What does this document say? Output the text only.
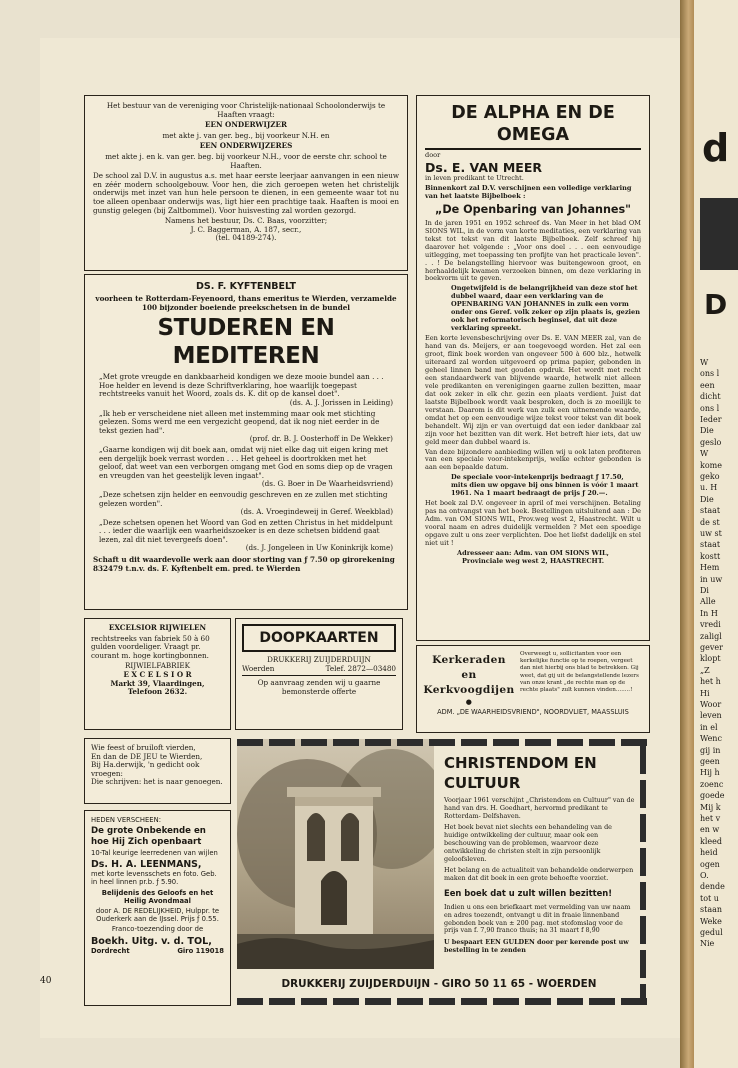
Het bestuur van de vereniging voor Christelijk-nationaal Schoolonderwijs te Haaften vraagt:

EEN ONDERWIJZER

met akte j. van ger. beg., bij voorkeur N.H. en

EEN ONDERWIJZERES

met akte j. en k. van ger. beg. bij voorkeur N.H., voor de eerste chr. school te Haaften.

De school zal D.V. in augustus a.s. met haar eerste leerjaar aanvangen in een nieuw en zéér modern schoolgebouw. Voor hen, die zich geroepen weten het christelijk onderwijs met inzet van hun hele persoon te dienen, in een gemeente waar tot nu toe alleen openbaar onderwijs was, ligt hier een prachtige taak. Haaften is mooi en gunstig gelegen (bij Zaltbommel). Voor huisvesting zal worden gezorgd.

Namens het bestuur, Ds. C. Baas, voorzitter;

J. C. Baggerman, A. 187, secr.,

(tel. 04189-274).

DS. F. KYFTENBELT

voorheen te Rotterdam-Feyenoord, thans emeritus te Wierden, verzamelde 100 bijzonder boeiende preekschetsen in de bundel

STUDEREN EN MEDITEREN

„Met grote vreugde en dankbaarheid kondigen we deze mooie bundel aan . . . Hoe helder en levend is deze Schriftverklaring, hoe waarlijk toegepast rechtstreeks vanuit het Woord, zoals ds. K. dit op de kansel doet".

(ds. A. J. Jorissen in Leiding)

„Ik heb er verscheidene niet alleen met instemming maar ook met stichting gelezen. Soms werd me een vergezicht geopend, dat ik nog niet eerder in de tekst gezien had".

(prof. dr. B. J. Oosterhoff in De Wekker)

„Gaarne kondigen wij dit boek aan, omdat wij niet elke dag uit eigen kring met een dergelijk boek verrast worden . . . Het geheel is doortrokken met het geloof, dat weet van een verborgen omgang met God en soms diep op de vragen en vreugden van het geestelijk leven ingaat".

(ds. G. Boer in De Waarheidsvriend)

„Deze schetsen zijn helder en eenvoudig geschreven en ze zullen met stichting gelezen worden".

(ds. A. Vroegindeweij in Geref. Weekblad)

„Deze schetsen openen het Woord van God en zetten Christus in het middelpunt . . . ieder die waarlijk een waarheidszoeker is en deze schetsen biddend gaat lezen, zal dit niet tevergeefs doen".

(ds. J. Jongeleen in Uw Koninkrijk kome)

Schaft u dit waardevolle werk aan door storting van ƒ 7.50 op girorekening 832479 t.n.v. ds. F. Kyftenbelt em. pred. te Wierden

EXCELSIOR RIJWIELEN

rechtstreeks van fabriek 50 à 60 gulden voordeliger. Vraagt pr. courant m. hoge kortingbonnen.

RIJWIELFABRIEK

E X C E L S I O R

Markt 39, Vlaardingen,

Telefoon 2632.

DOOPKAARTEN

DRUKKERIJ ZUIJDERDUIJN

Woerden	Telef. 2872—03480

Op aanvraag zenden wij u gaarne bemonsterde offerte

Wie feest of bruiloft vierden,

En dan de DE JEU te Wierden,

Bij Ha.derwijk, 'n gedicht ook vroegen:

Die schrijven: het is naar genoegen.

HEDEN VERSCHEEN:

De grote Onbekende en hoe Hij Zich openbaart

10-Tal keurige leerredenen van wijlen

Ds. H. A. LEENMANS,

met korte levensschets en foto. Geb. in heel linnen pr.b. ƒ 5.90.

Belijdenis des Geloofs en het Heilig Avondmaal

door A. DE REDELIJKHEID, Hulppr. te Ouderkerk aan de IJssel. Prijs ƒ 0.55.

Franco-toezending door de

Boekh. Uitg. v. d. TOL,

Dordrecht	Giro 119018

DE ALPHA EN DE OMEGA

door

Ds. E. VAN MEER

in leven predikant te Utrecht.

Binnenkort zal D.V. verschijnen een volledige verklaring van het laatste Bijbelboek :

„De Openbaring van Johannes"

In de jaren 1951 en 1952 schreef ds. Van Meer in het blad OM SIONS WIL, in de vorm van korte meditaties, een verklaring van tekst tot tekst van dit laatste Bijbelboek. Zelf schreef hij daarover het volgende : „Voor ons doel . . . een eenvoudige uitlegging, met toepassing ten profijte van het practicale leven". . . ! De belangstelling hiervoor was buitengewoon groot, en herhaaldelijk kwamen verzoeken binnen, om deze verklaring in boekvorm uit te geven.

Ongetwijfeld is de belangrijkheid van deze stof het dubbel waard, daar een verklaring van de OPENBARING VAN JOHANNES in zulk een vorm onder ons Geref. volk zeker op zijn plaats is, gezien ook het reformatorisch beginsel, dat uit deze verklaring spreekt.

Een korte levensbeschrijving over Ds. E. VAN MEER zal, van de hand van ds. Meijers, er aan toegevoegd worden. Het zal een groot, flink boek worden van ongeveer 500 à 600 blz., hetwelk uiteraard zal worden uitgevoerd op prima papier, gebonden in geheel linnen band met gouden opdruk. Het wordt met recht een standaardwerk van blijvende waarde, hetwelk niet alleen vele predikanten en verenigingen gaarne zullen bezitten, maar dat ook zeker in elk chr. gezin een plaats verdient. Juist dat laatste Bijbelboek wordt vaak besproken, doch is zo moeilijk te verstaan. Daarom is dit werk van zulk een uitnemende waarde, omdat het op een eenvoudige wijze tekst voor tekst van dit boek behandelt. Wij zijn er van overtuigd dat een ieder dankbaar zal zijn voor het bezitten van dit werk. Het betreft hier iets, dat uw geld meer dan dubbel waard is.

Van deze bijzondere aanbieding willen wij u ook laten profiteren van een speciale voor-intekenprijs, welke echter gebonden is aan een bepaalde datum.

De speciale voor-intekenprijs bedraagt ƒ 17.50, mits dien uw opgave bij ons binnen is vóór 1 maart 1961. Na 1 maart bedraagt de prijs ƒ 20.—.

Het boek zal D.V. ongeveer in april of mei verschijnen. Betaling pas na ontvangst van het boek. Bestellingen uitsluitend aan : De Adm. van OM SIONS WIL, Prov.weg west 2, Haastrecht. Wilt u vooral naam en adres duidelijk vermelden ? Met een spoedige opgave zult u ons zeer verplichten. Doe het liefst dadelijk en stel niet uit !

Adresseer aan: Adm. van OM SIONS WIL, Provinciale weg west 2, HAASTRECHT.

Kerkeraden
en
Kerkvoogdijen
●

Overweegt u, sollicitanten voor een kerkelijke functie op te roepen, vergeet dan niet hierbij ons blad te betrekken. Gij weet, dat gij uit de belangstellende lezers van onze krant „de rechte man op de rechte plaats" zult kunnen vinden........!

ADM. „DE WAARHEIDSVRIEND", NOORDVLIET, MAASSLUIS

CHRISTENDOM EN CULTUUR

Voorjaar 1961 verschijnt „Christendom en Cultuur" van de hand van drs. H. Goedhart, hervormd predikant te Rotterdam- Delfshaven.

Het boek bevat niet slechts een behandeling van de huidige ontwikkeling der cultuur, maar ook een beschouwing van de problemen, waarvoor deze ontwikkeling de christen stelt in zijn persoonlijk geloofsleven.

Het belang en de actualiteit van behandelde onderwerpen maken dat dit boek in een grote behoefte voorziet.

Een boek dat u zult willen bezitten!

Indien u ons een briefkaart met vermelding van uw naam en adres toezendt, ontvangt u dit in fraaie linnenband gebonden boek van ± 200 pag. met stofomslag voor de prijs van f. 7,90 franco thuis; na 31 maart f 8,90

U bespaart EEN GULDEN door per kerende post uw bestelling in te zenden

DRUKKERIJ ZUIJDERDUIJN - GIRO 50 11 65 - WOERDEN

40
d
D
W
ons l
een
dicht
ons l
Ieder
Die
geslo
W
kome
geko
u. H
Die
staat
de st
uw st
staat
kostt
Hem
in uw
Di
Alle
In H
vredi
zaligl
gever
klopt
„Z
het h
Hi
Woor
leven
in el
Wenc
gij in
geen
Hij h
zoenc
goede
Mij k
het v
en w
kleed
heid
ogen
O.
dende
tot u
staan
Weke
gedul
Nie
